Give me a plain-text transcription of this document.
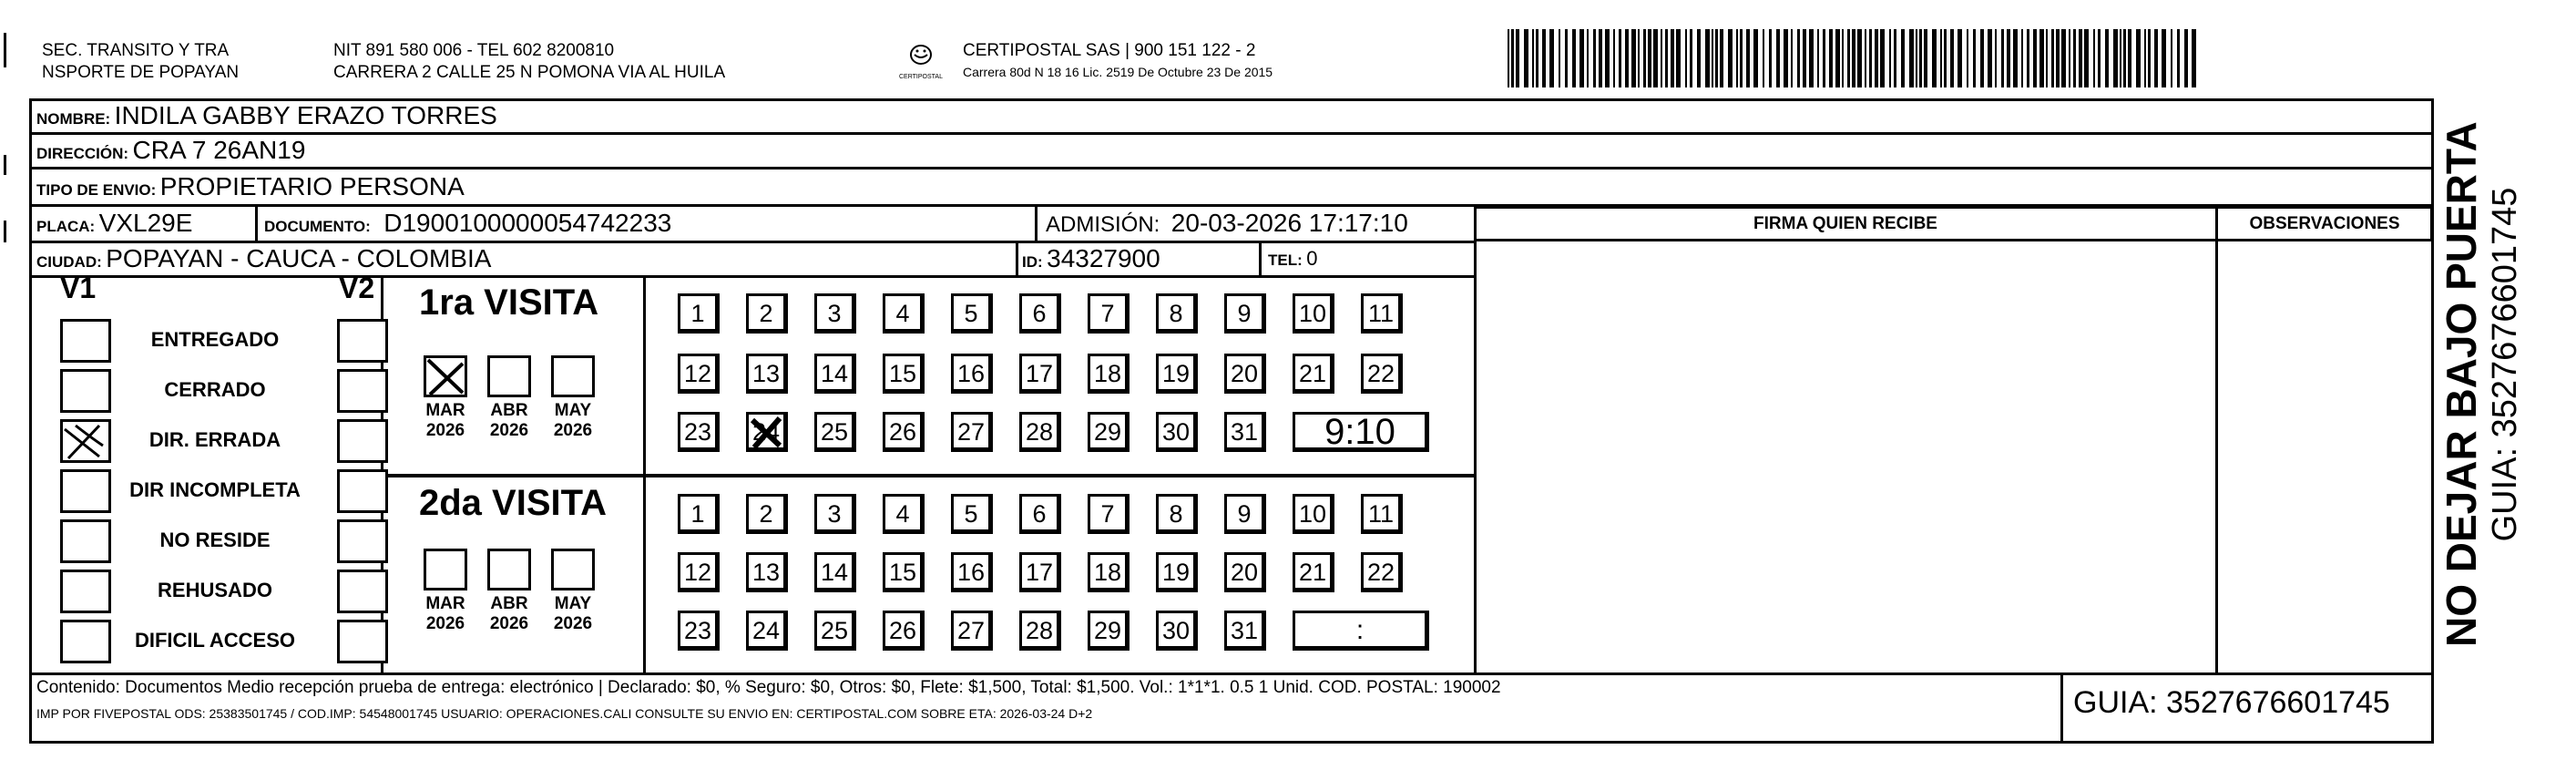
SEC. TRANSITO Y TRA
NSPORTE DE POPAYAN
NIT 891 580 006 - TEL 602 8200810
CARRERA 2 CALLE 25 N POMONA VIA AL HUILA	CERTIPOSTAL
CERTIPOSTAL SAS | 900 151 122 - 2
Carrera 80d N 18 16 Lic. 2519 De Octubre 23 De 2015
NOMBRE: INDILA GABBY ERAZO TORRES
DIRECCIÓN: CRA 7 26AN19
TIPO DE ENVIO: PROPIETARIO PERSONA
PLACA: VXL29E	DOCUMENTO: D1900100000054742233	ADMISIÓN: 20-03-2026 17:17:10
CIUDAD: POPAYAN - CAUCA - COLOMBIA	ID: 34327900	TEL: 0
FIRMA QUIEN RECIBE	OBSERVACIONES
V1	V2 1ra VISITA
2da VISITA
ENTREGADO
CERRADO
DIR. ERRADA
DIR INCOMPLETA
NO RESIDE
REHUSADO
DIFICIL ACCESO
MAR
2026
ABR
2026
MAY
2026
MAR
2026
ABR
2026
MAY
2026
1	2	3	4	5	6	7	8	9	10	11
12	13	14	15	16	17	18	19	20	21	22
23	24	25	26	27	28	29	30	31	9:10
1	2	3	4	5	6	7	8	9	10	11
12	13	14	15	16	17	18	19	20	21	22
23	24	25	26	27	28	29	30	31	:
Contenido: Documentos Medio recepción prueba de entrega: electrónico | Declarado: $0, % Seguro: $0, Otros: $0, Flete: $1,500, Total: $1,500. Vol.: 1*1*1. 0.5 1 Unid. COD. POSTAL: 190002
IMP POR FIVEPOSTAL ODS: 25383501745 / COD.IMP: 54548001745 USUARIO: OPERACIONES.CALI CONSULTE SU ENVIO EN: CERTIPOSTAL.COM SOBRE ETA: 2026-03-24 D+2	GUIA: 3527676601745
NO DEJAR BAJO PUERTA GUIA: 3527676601745
